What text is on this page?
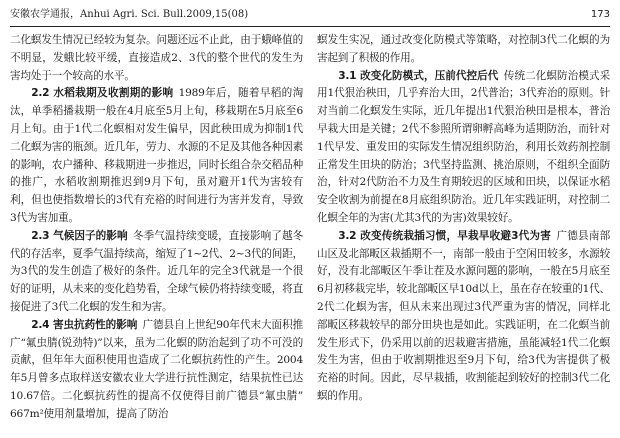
安徽农学通报，Anhui Agri. Sci. Bull.2009,15(08)	173

二化螟发生情况已经较为复杂。问题还远不止此，由于蛾峰值的不明显，发蛾比较平缓，直接造成2、3代的整个世代的发生为害均处于一个较高的水平。

2.2 水稻栽期及收割期的影响  1989年后，随着早稻的淘汰，单季稻播栽期一般在4月底至5月上旬，移栽期在5月底至6月上旬。由于1代二化螟相对发生偏早，因此秧田成为抑制1代二化螟为害的瓶颈。近几年，劳力、水源的不足及其他各种因素的影响，农户播种、移栽期进一步推迟，同时长组合杂交稻品种的推广，水稻收割期推迟到9月下旬，虽对避开1代为害较有利，但也使指数增长的3代有充裕的时间进行为害并发育，导致3代为害加重。

2.3 气候因子的影响  冬季气温持续变暖，直接影响了越冬代的存活率，夏季气温持续高，缩短了1~2代、2~3代的间距，为3代的发生创造了极好的条件。近几年的完全3代就是一个很好的证明，从未来的变化趋势看，全球气候仍将持续变暖，将直接促进了3代二化螟的发生和为害。

2.4 害虫抗药性的影响  广德县自上世纪90年代末大面积推广“氟虫腈(锐劲特)”以来，虽为二化螟的防治起到了功不可没的贡献，但年年大面积使用也造成了二化螟抗药性的产生。2004年5月曾多点取样送安徽农业大学进行抗性测定，结果抗性已达10.67倍。二化螟抗药性的提高不仅使得目前广德县“氟虫腈” 667m²使用剂量增加，提高了防治

螟发生实况，通过改变化防模式等策略，对控制3代二化螟的为害起到了积极的作用。

3.1 改变化防模式，压前代控后代  传统二化螟防治模式采用1代狠治秧田，几乎弃治大田，2代普治；3代弃治的原则。针对当前二化螟发生实际，近几年提出1代狠治秧田是根本，普治早栽大田是关键；2代不参照所谓卵孵高峰为适期防治，而针对1代早发、重发田的实际发生情况组织防治，利用长效药剂控制正常发生田块的防治；3代坚持监测、挑治原则，不组织全面防治，针对2代防治不力及生育期较迟的区域和田块，以保证水稻安全收割为前提在8月底组织防治。近几年实践证明，对控制二化螟全年的为害(尤其3代的为害)效果较好。

3.2 改变传统栽插习惯，早栽早收避3代为害  广德县南部山区及北部畈区栽插期不一，南部一般由于空闲田较多，水源较好，没有北部畈区午季让茬及水源问题的影响，一般在5月底至6月初移栽完毕，较北部畈区早10d以上，虽在存在较重的1代、2代二化螟为害，但从未来出现过3代严重为害的情况，同样北部畈区移栽较早的部分田块也是如此。实践证明，在二化螟当前发生形式下，仍采用以前的迟栽避害措施，虽能减轻1代二化螟发生为害，但由于收割期推迟至9月下旬，给3代为害提供了极充裕的时间。因此，尽早栽插，收割能起到较好的控制3代二化螟的作用。
